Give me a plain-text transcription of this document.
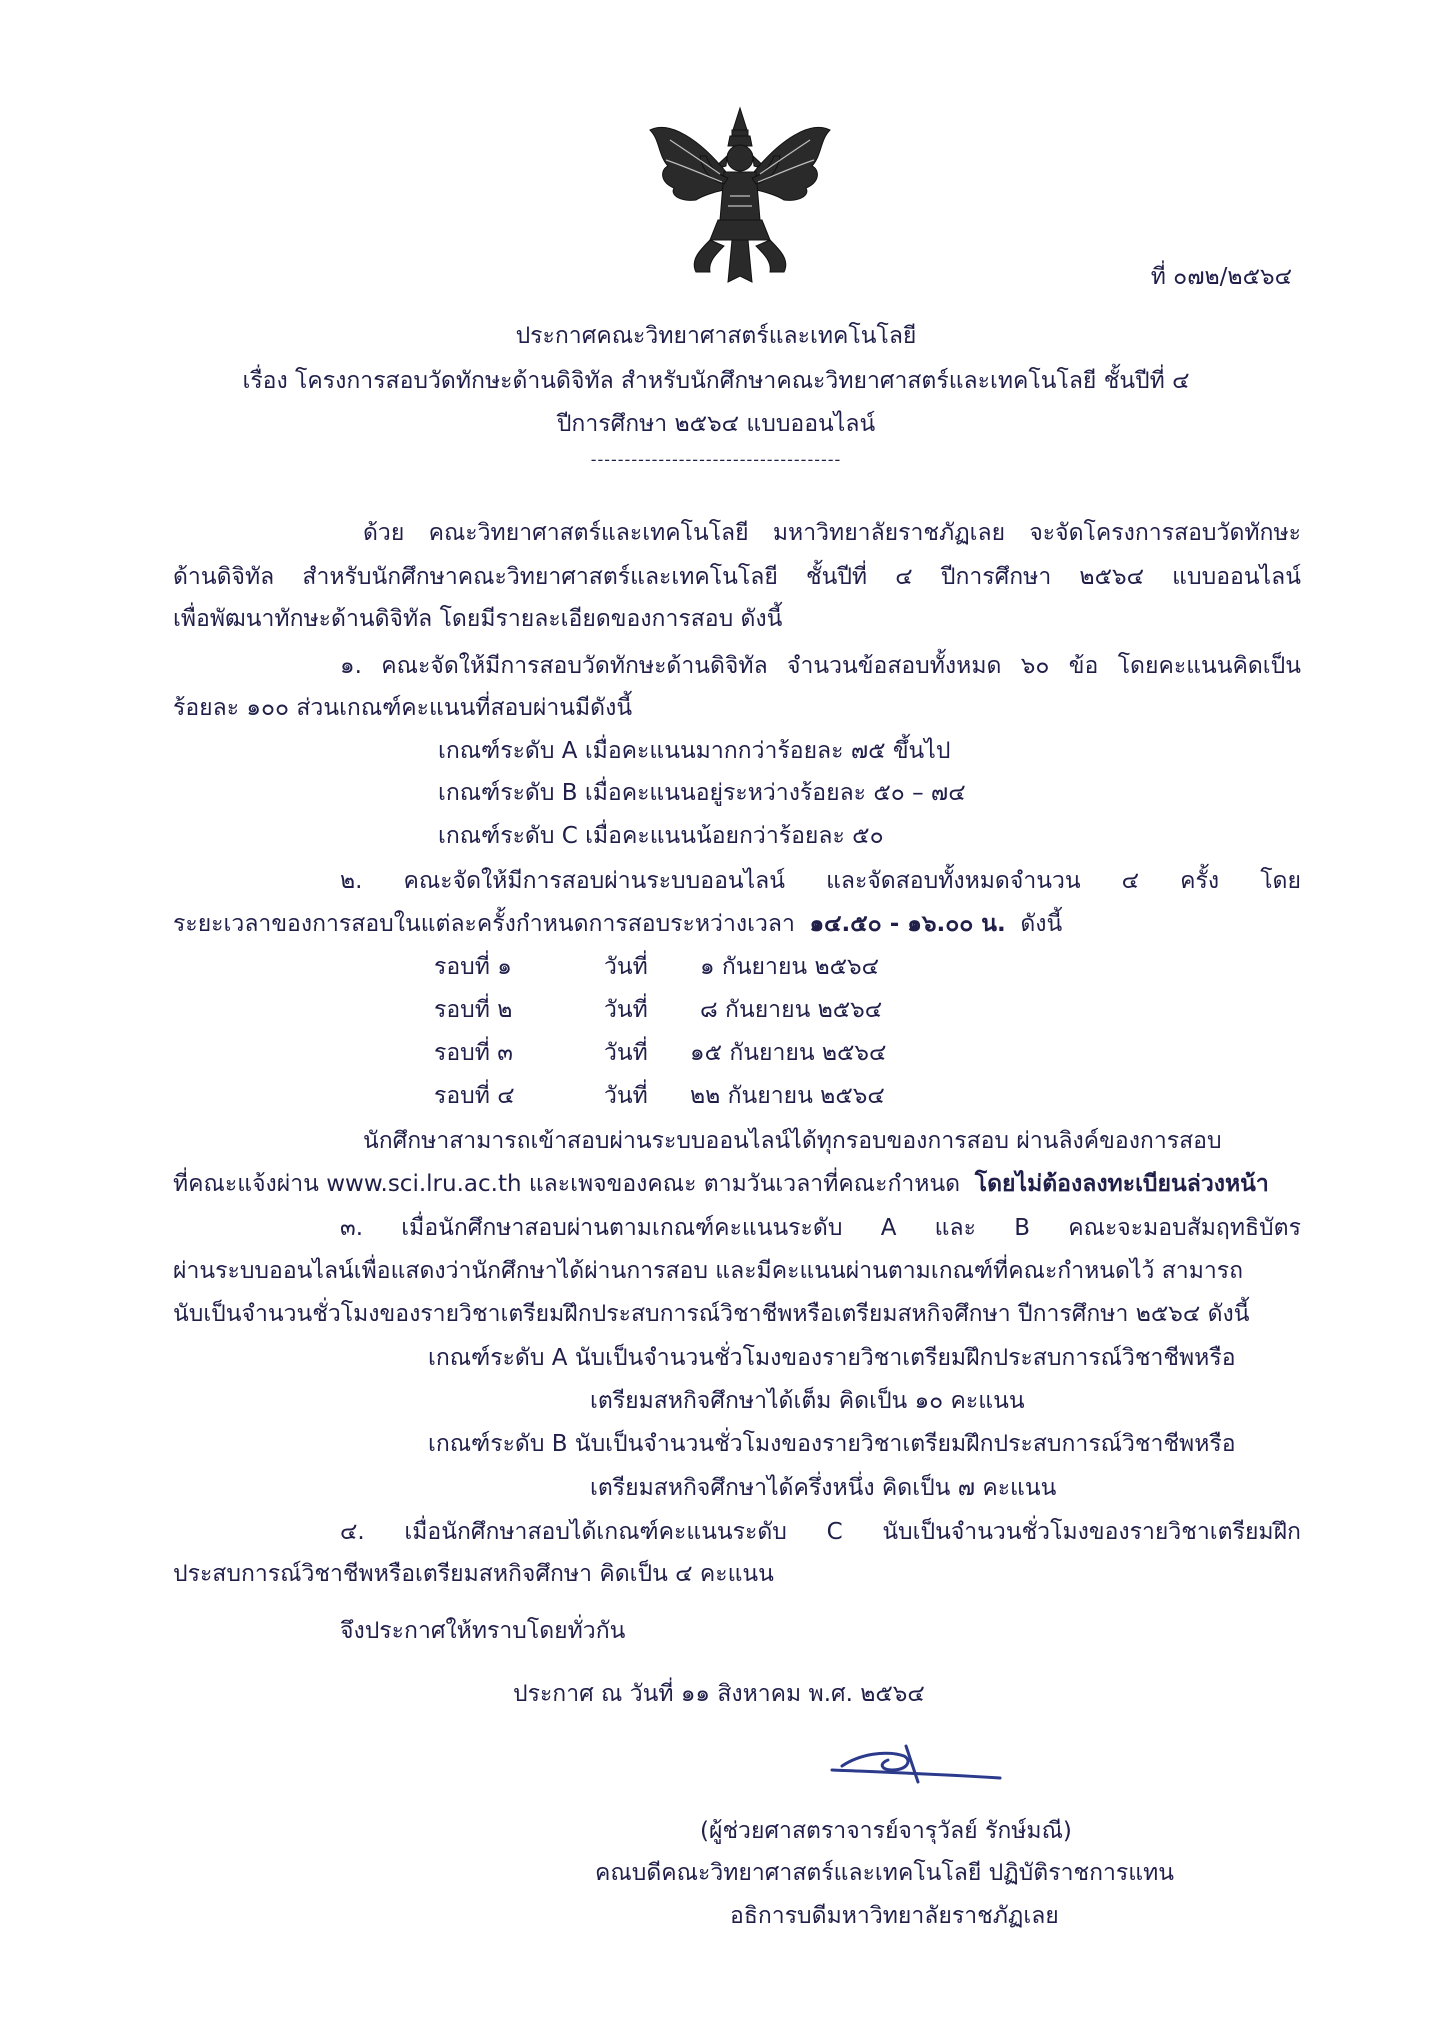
ที่ ๐๗๒/๒๕๖๔
ประกาศคณะวิทยาศาสตร์และเทคโนโลยี
เรื่อง โครงการสอบวัดทักษะด้านดิจิทัล สำหรับนักศึกษาคณะวิทยาศาสตร์และเทคโนโลยี ชั้นปีที่ ๔
ปีการศึกษา ๒๕๖๔ แบบออนไลน์
-------------------------------------
ด้วย คณะวิทยาศาสตร์และเทคโนโลยี มหาวิทยาลัยราชภัฏเลย จะจัดโครงการสอบวัดทักษะ
ด้านดิจิทัล สำหรับนักศึกษาคณะวิทยาศาสตร์และเทคโนโลยี ชั้นปีที่ ๔ ปีการศึกษา ๒๕๖๔ แบบออนไลน์
เพื่อพัฒนาทักษะด้านดิจิทัล โดยมีรายละเอียดของการสอบ ดังนี้
๑. คณะจัดให้มีการสอบวัดทักษะด้านดิจิทัล จำนวนข้อสอบทั้งหมด ๖๐ ข้อ โดยคะแนนคิดเป็น
ร้อยละ ๑๐๐ ส่วนเกณฑ์คะแนนที่สอบผ่านมีดังนี้
เกณฑ์ระดับ A เมื่อคะแนนมากกว่าร้อยละ ๗๕ ขึ้นไป
เกณฑ์ระดับ B เมื่อคะแนนอยู่ระหว่างร้อยละ ๕๐ – ๗๔
เกณฑ์ระดับ C เมื่อคะแนนน้อยกว่าร้อยละ ๕๐
๒. คณะจัดให้มีการสอบผ่านระบบออนไลน์ และจัดสอบทั้งหมดจำนวน ๔ ครั้ง โดย
ระยะเวลาของการสอบในแต่ละครั้งกำหนดการสอบระหว่างเวลา ๑๔.๕๐ - ๑๖.๐๐ น. ดังนี้
รอบที่ ๑	วันที่ ๑ กันยายน ๒๕๖๔
รอบที่ ๒	วันที่ ๘ กันยายน ๒๕๖๔
รอบที่ ๓	วันที่ ๑๕ กันยายน ๒๕๖๔
รอบที่ ๔	วันที่ ๒๒ กันยายน ๒๕๖๔
นักศึกษาสามารถเข้าสอบผ่านระบบออนไลน์ได้ทุกรอบของการสอบ ผ่านลิงค์ของการสอบ
ที่คณะแจ้งผ่าน www.sci.lru.ac.th และเพจของคณะ ตามวันเวลาที่คณะกำหนด โดยไม่ต้องลงทะเบียนล่วงหน้า
๓. เมื่อนักศึกษาสอบผ่านตามเกณฑ์คะแนนระดับ A และ B คณะจะมอบสัมฤทธิบัตร
ผ่านระบบออนไลน์เพื่อแสดงว่านักศึกษาได้ผ่านการสอบ และมีคะแนนผ่านตามเกณฑ์ที่คณะกำหนดไว้ สามารถ
นับเป็นจำนวนชั่วโมงของรายวิชาเตรียมฝึกประสบการณ์วิชาชีพหรือเตรียมสหกิจศึกษา ปีการศึกษา ๒๕๖๔ ดังนี้
เกณฑ์ระดับ A นับเป็นจำนวนชั่วโมงของรายวิชาเตรียมฝึกประสบการณ์วิชาชีพหรือ
เตรียมสหกิจศึกษาได้เต็ม คิดเป็น ๑๐ คะแนน
เกณฑ์ระดับ B นับเป็นจำนวนชั่วโมงของรายวิชาเตรียมฝึกประสบการณ์วิชาชีพหรือ
เตรียมสหกิจศึกษาได้ครึ่งหนึ่ง คิดเป็น ๗ คะแนน
๔. เมื่อนักศึกษาสอบได้เกณฑ์คะแนนระดับ C นับเป็นจำนวนชั่วโมงของรายวิชาเตรียมฝึก
ประสบการณ์วิชาชีพหรือเตรียมสหกิจศึกษา คิดเป็น ๔ คะแนน
จึงประกาศให้ทราบโดยทั่วกัน
ประกาศ ณ วันที่ ๑๑ สิงหาคม พ.ศ. ๒๕๖๔
(ผู้ช่วยศาสตราจารย์จารุวัลย์ รักษ์มณี)
คณบดีคณะวิทยาศาสตร์และเทคโนโลยี ปฏิบัติราชการแทน
อธิการบดีมหาวิทยาลัยราชภัฏเลย
